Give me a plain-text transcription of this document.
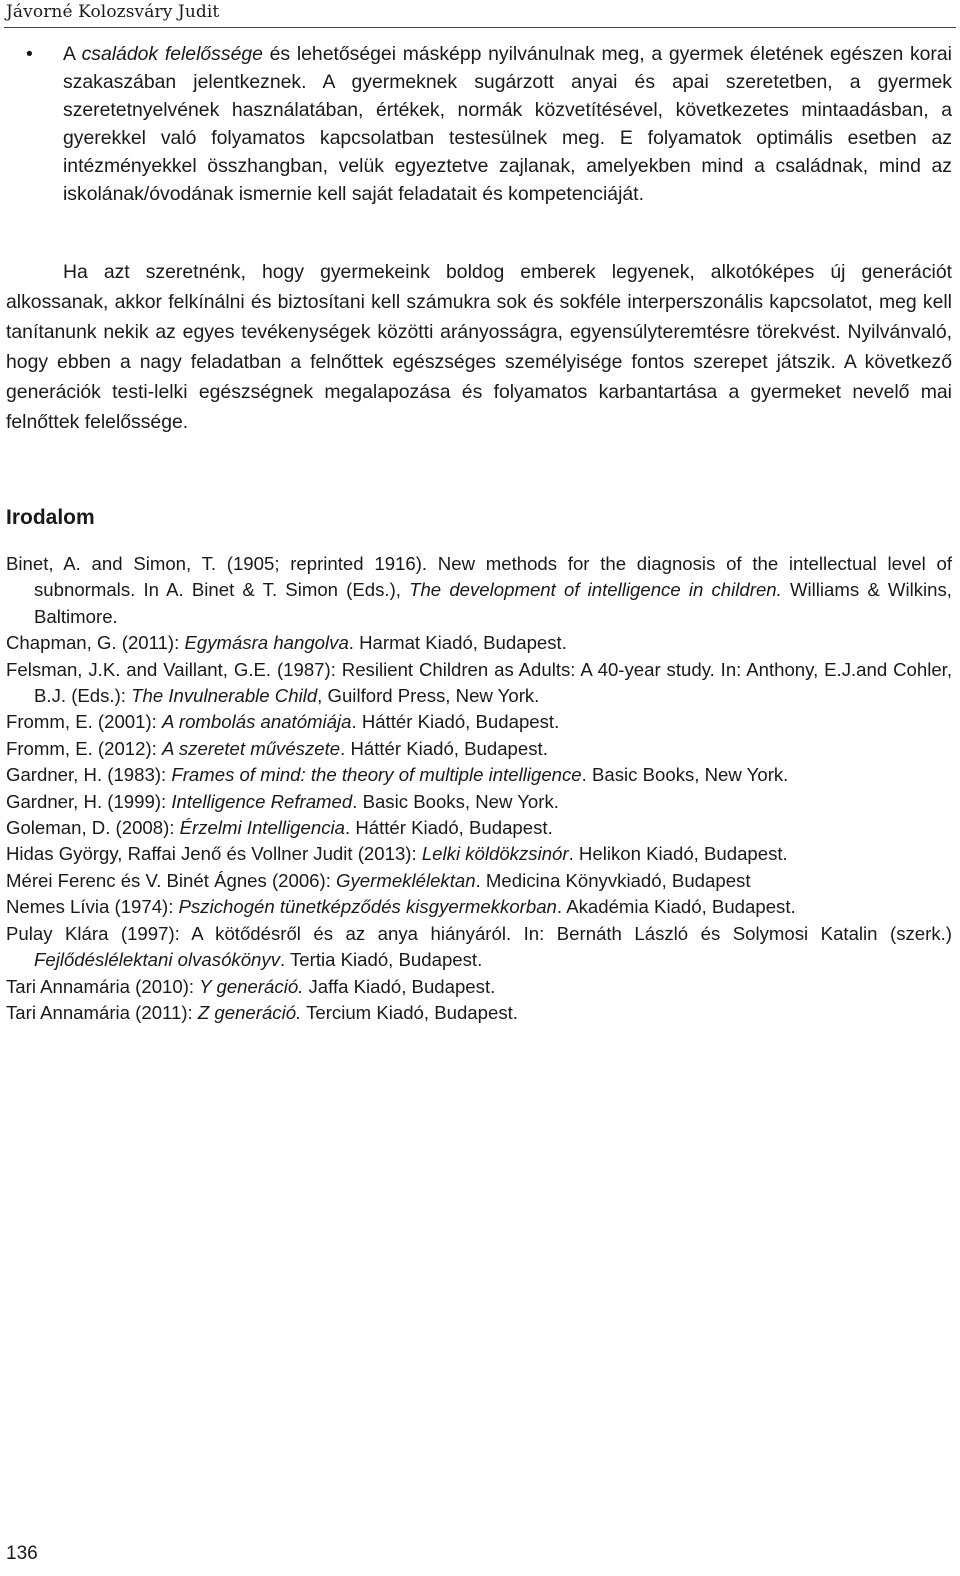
Jávorné Kolozsváry Judit
• A családok felelőssége és lehetőségei másképp nyilvánulnak meg, a gyermek életének egészen korai szakaszában jelentkeznek. A gyermeknek sugárzott anyai és apai szeretetben, a gyermek szeretetnyelvének használatában, értékek, normák közvetítésével, következetes mintaadásban, a gyerekkel való folyamatos kapcsolatban testesülnek meg. E folyamatok optimális esetben az intézményekkel összhangban, velük egyeztetve zajlanak, amelyekben mind a családnak, mind az iskolának/óvodának ismernie kell saját feladatait és kompetenciáját.
Ha azt szeretnénk, hogy gyermekeink boldog emberek legyenek, alkotóképes új generációt alkossanak, akkor felkínálni és biztosítani kell számukra sok és sokféle interperszonális kapcsolatot, meg kell tanítanunk nekik az egyes tevékenységek közötti arányosságra, egyensúlyteremtésre törekvést. Nyilvánvaló, hogy ebben a nagy feladatban a felnőttek egészséges személyisége fontos szerepet játszik. A következő generációk testi-lelki egészségnek megalapozása és folyamatos karbantartása a gyermeket nevelő mai felnőttek felelőssége.
Irodalom
Binet, A. and Simon, T. (1905; reprinted 1916). New methods for the diagnosis of the intellectual level of subnormals. In A. Binet & T. Simon (Eds.), The development of intelligence in children. Williams & Wilkins, Baltimore.
Chapman, G. (2011): Egymásra hangolva. Harmat Kiadó, Budapest.
Felsman, J.K. and Vaillant, G.E. (1987): Resilient Children as Adults: A 40-year study. In: Anthony, E.J.and Cohler, B.J. (Eds.): The Invulnerable Child, Guilford Press, New York.
Fromm, E. (2001): A rombolás anatómiája. Háttér Kiadó, Budapest.
Fromm, E. (2012): A szeretet művészete. Háttér Kiadó, Budapest.
Gardner, H. (1983): Frames of mind: the theory of multiple intelligence. Basic Books, New York.
Gardner, H. (1999): Intelligence Reframed. Basic Books, New York.
Goleman, D. (2008): Érzelmi Intelligencia. Háttér Kiadó, Budapest.
Hidas György, Raffai Jenő és Vollner Judit (2013): Lelki köldökzsinór. Helikon Kiadó, Budapest.
Mérei Ferenc és V. Binét Ágnes (2006): Gyermeklélektan. Medicina Könyvkiadó, Budapest
Nemes Lívia (1974): Pszichogén tünetképződés kisgyermekkorban. Akadémia Kiadó, Budapest.
Pulay Klára (1997): A kötődésről és az anya hiányáról. In: Bernáth László és Solymosi Katalin (szerk.) Fejlődéslélektani olvasókönyv. Tertia Kiadó, Budapest.
Tari Annamária (2010): Y generáció. Jaffa Kiadó, Budapest.
Tari Annamária (2011): Z generáció. Tercium Kiadó, Budapest.
136
